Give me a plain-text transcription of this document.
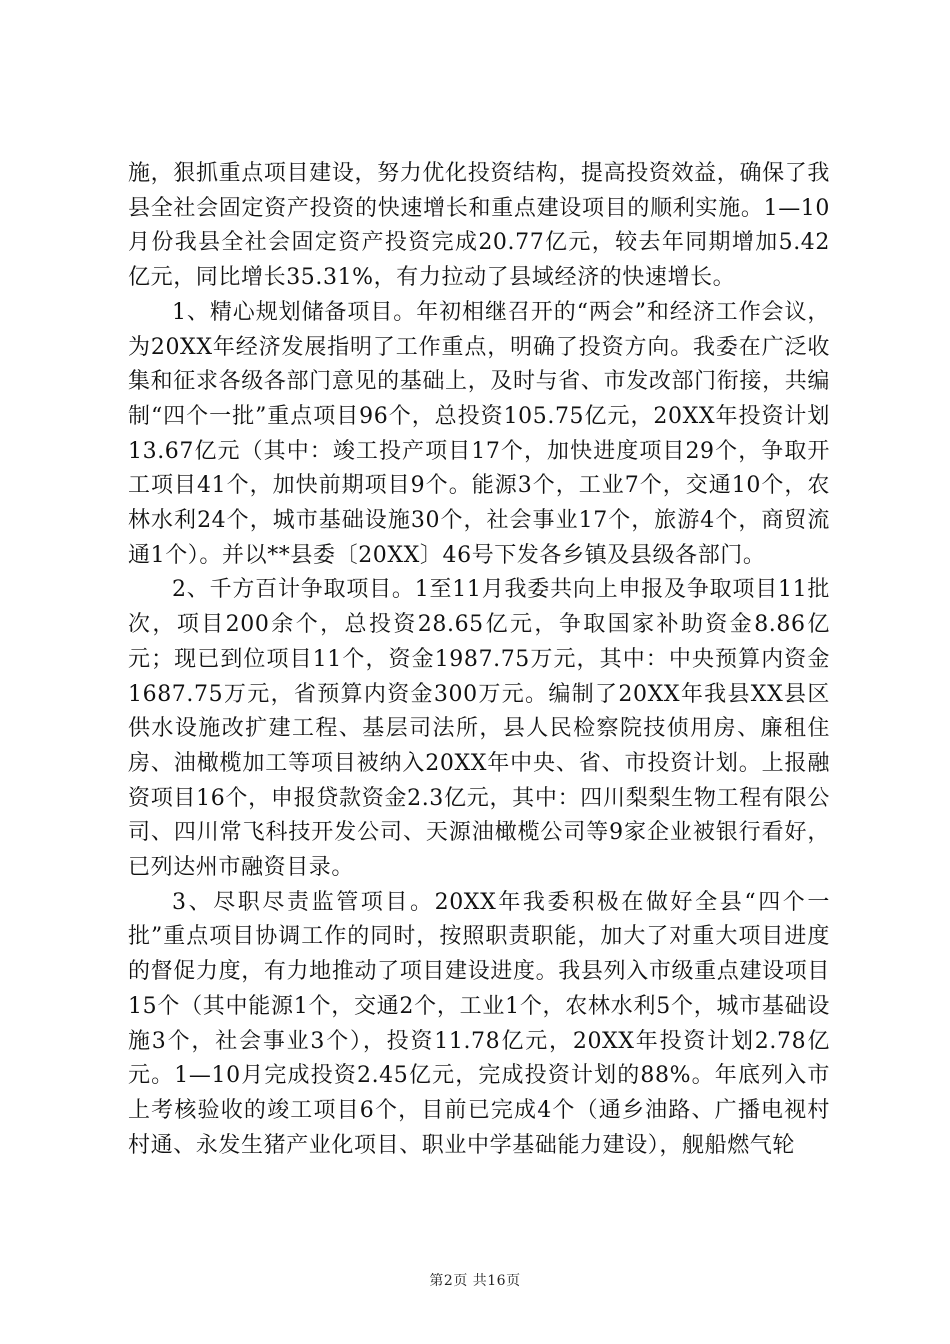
施，狠抓重点项目建设，努力优化投资结构，提高投资效益，确保了我县全社会固定资产投资的快速增长和重点建设项目的顺利实施。1—10月份我县全社会固定资产投资完成20.77亿元，较去年同期增加5.42亿元，同比增长35.31%，有力拉动了县域经济的快速增长。

1、精心规划储备项目。年初相继召开的“两会”和经济工作会议，为20XX年经济发展指明了工作重点，明确了投资方向。我委在广泛收集和征求各级各部门意见的基础上，及时与省、市发改部门衔接，共编制“四个一批”重点项目96个，总投资105.75亿元，20XX年投资计划13.67亿元（其中：竣工投产项目17个，加快进度项目29个，争取开工项目41个，加快前期项目9个。能源3个，工业7个，交通10个，农林水利24个，城市基础设施30个，社会事业17个，旅游4个，商贸流通1个）。并以**县委〔20XX〕46号下发各乡镇及县级各部门。

2、千方百计争取项目。1至11月我委共向上申报及争取项目11批次，项目200余个，总投资28.65亿元，争取国家补助资金8.86亿元；现已到位项目11个，资金1987.75万元，其中：中央预算内资金1687.75万元，省预算内资金300万元。编制了20XX年我县XX县区供水设施改扩建工程、基层司法所，县人民检察院技侦用房、廉租住房、油橄榄加工等项目被纳入20XX年中央、省、市投资计划。上报融资项目16个，申报贷款资金2.3亿元，其中：四川梨梨生物工程有限公司、四川常飞科技开发公司、天源油橄榄公司等9家企业被银行看好，已列达州市融资目录。

3、尽职尽责监管项目。20XX年我委积极在做好全县“四个一批”重点项目协调工作的同时，按照职责职能，加大了对重大项目进度的督促力度，有力地推动了项目建设进度。我县列入市级重点建设项目15个（其中能源1个，交通2个，工业1个，农林水利5个，城市基础设施3个，社会事业3个），投资11.78亿元，20XX年投资计划2.78亿元。1—10月完成投资2.45亿元，完成投资计划的88%。年底列入市上考核验收的竣工项目6个，目前已完成4个（通乡油路、广播电视村村通、永发生猪产业化项目、职业中学基础能力建设），舰船燃气轮

第2页 共16页
